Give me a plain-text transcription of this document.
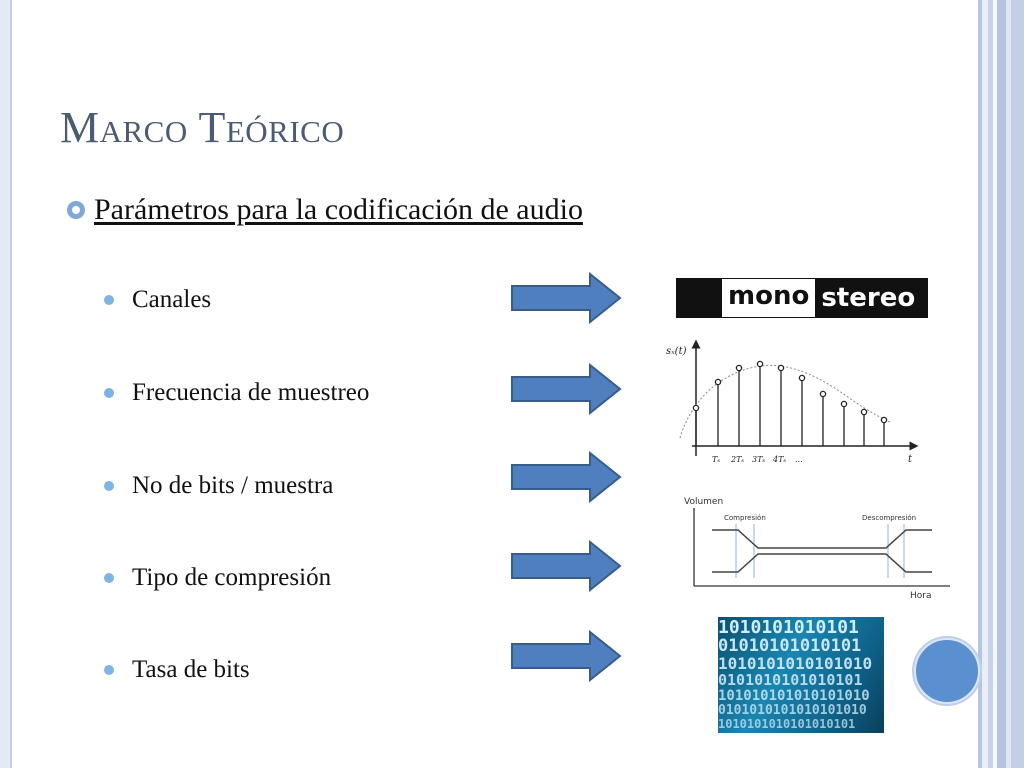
Marco Teórico
Parámetros para la codificación de audio
Canales
Frecuencia de muestreo
No de bits / muestra
Tipo de compresión
Tasa de bits
mono stereo
sₓ(t)
t
Tₛ 2Tₛ 3Tₛ 4Tₛ ...
Volumen
Compresión	Descompresión
Hora
1010101010101
01010101010101
1010101010101010
0101010101010101
101010101010101010
0101010101010101010
1010101010101010101
